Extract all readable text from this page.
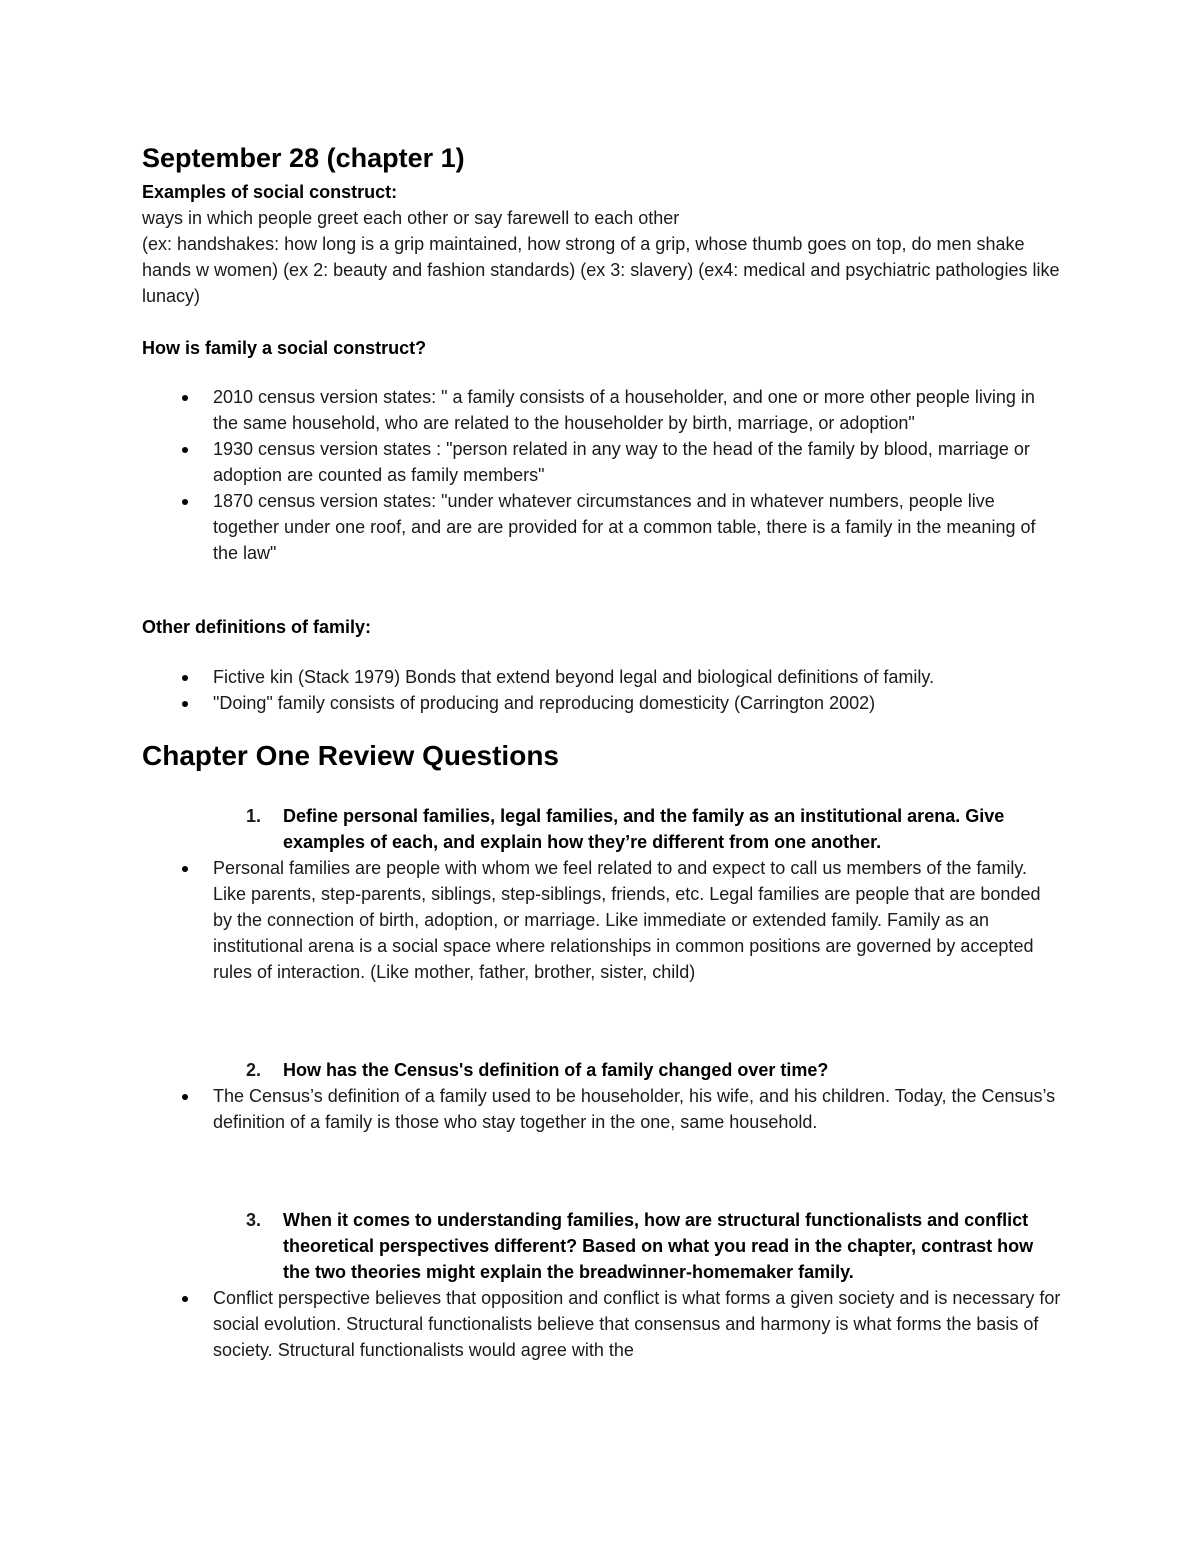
September 28 (chapter 1)
Examples of social construct:
ways in which people greet each other or say farewell to each other
(ex: handshakes: how long is a grip maintained, how strong of a grip, whose thumb goes on top, do men shake hands w women) (ex 2: beauty and fashion standards) (ex 3: slavery) (ex4: medical and psychiatric pathologies like lunacy)
How is family a social construct?
2010 census version states: " a family consists of a householder, and one or more other people living in the same household, who are related to the householder by birth, marriage, or adoption"
1930 census version states : "person related in any way to the head of the family by blood, marriage or adoption are counted as family members"
1870 census version states: "under whatever circumstances and in whatever numbers, people live together under one roof, and are are provided for at a common table, there is a family in the meaning of the law"
Other definitions of family:
Fictive kin (Stack 1979) Bonds that extend beyond legal and biological definitions of family.
"Doing" family consists of producing and reproducing domesticity (Carrington 2002)
Chapter One Review Questions
1. Define personal families, legal families, and the family as an institutional arena. Give examples of each, and explain how they’re different from one another.
Personal families are people with whom we feel related to and expect to call us members of the family. Like parents, step-parents, siblings, step-siblings, friends, etc. Legal families are people that are bonded by the connection of birth, adoption, or marriage. Like immediate or extended family. Family as an institutional arena is a social space where relationships in common positions are governed by accepted rules of interaction. (Like mother, father, brother, sister, child)
2. How has the Census's definition of a family changed over time?
The Census’s definition of a family used to be householder, his wife, and his children. Today, the Census’s definition of a family is those who stay together in the one, same household.
3. When it comes to understanding families, how are structural functionalists and conflict theoretical perspectives different? Based on what you read in the chapter, contrast how the two theories might explain the breadwinner-homemaker family.
Conflict perspective believes that opposition and conflict is what forms a given society and is necessary for social evolution. Structural functionalists believe that consensus and harmony is what forms the basis of society. Structural functionalists would agree with the
